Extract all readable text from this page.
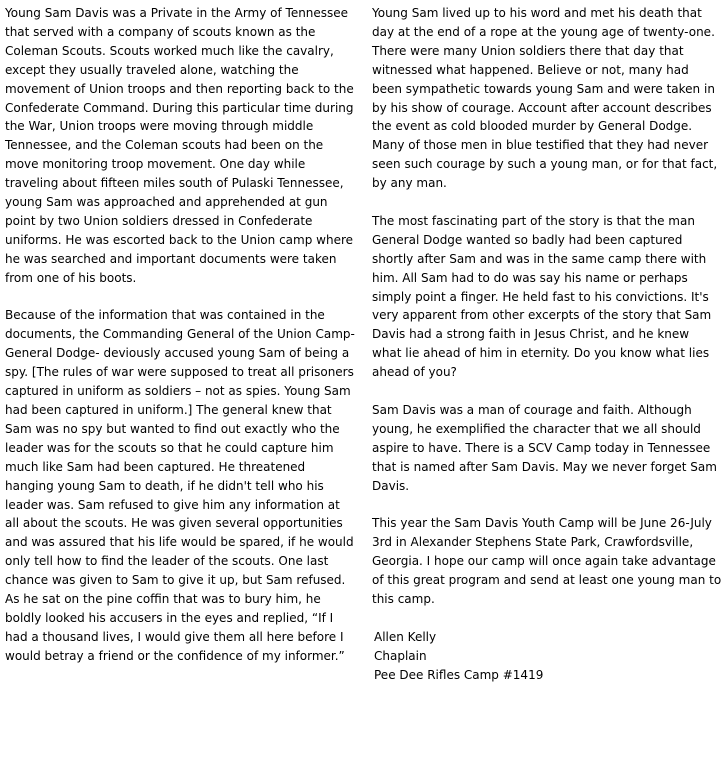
Young Sam Davis was a Private in the Army of Tennessee that served with a company of scouts known as the Coleman Scouts. Scouts worked much like the cavalry, except they usually traveled alone, watching the movement of Union troops and then reporting back to the Confederate Command. During this particular time during the War, Union troops were moving through middle Tennessee, and the Coleman scouts had been on the move monitoring troop movement. One day while traveling about fifteen miles south of Pulaski Tennessee, young Sam was approached and apprehended at gun point by two Union soldiers dressed in Confederate uniforms. He was escorted back to the Union camp where he was searched and important documents were taken from one of his boots.

Because of the information that was contained in the documents, the Commanding General of the Union Camp- General Dodge- deviously accused young Sam of being a spy. [The rules of war were supposed to treat all prisoners captured in uniform as soldiers – not as spies. Young Sam had been captured in uniform.] The general knew that Sam was no spy but wanted to find out exactly who the leader was for the scouts so that he could capture him much like Sam had been captured. He threatened hanging young Sam to death, if he didn't tell who his leader was. Sam refused to give him any information at all about the scouts. He was given several opportunities and was assured that his life would be spared, if he would only tell how to find the leader of the scouts. One last chance was given to Sam to give it up, but Sam refused. As he sat on the pine coffin that was to bury him, he boldly looked his accusers in the eyes and replied, “If I had a thousand lives, I would give them all here before I would betray a friend or the confidence of my informer.”

Young Sam lived up to his word and met his death that day at the end of a rope at the young age of twenty-one. There were many Union soldiers there that day that witnessed what happened. Believe or not, many had been sympathetic towards young Sam and were taken in by his show of courage. Account after account describes the event as cold blooded murder by General Dodge. Many of those men in blue testified that they had never seen such courage by such a young man, or for that fact, by any man.

The most fascinating part of the story is that the man General Dodge wanted so badly had been captured shortly after Sam and was in the same camp there with him. All Sam had to do was say his name or perhaps simply point a finger. He held fast to his convictions. It's very apparent from other excerpts of the story that Sam Davis had a strong faith in Jesus Christ, and he knew what lie ahead of him in eternity. Do you know what lies ahead of you?

Sam Davis was a man of courage and faith. Although young, he exemplified the character that we all should aspire to have. There is a SCV Camp today in Tennessee that is named after Sam Davis. May we never forget Sam Davis.

This year the Sam Davis Youth Camp will be June 26-July 3rd in Alexander Stephens State Park, Crawfordsville, Georgia. I hope our camp will once again take advantage of this great program and send at least one young man to this camp.

Allen Kelly
Chaplain
Pee Dee Rifles Camp #1419
